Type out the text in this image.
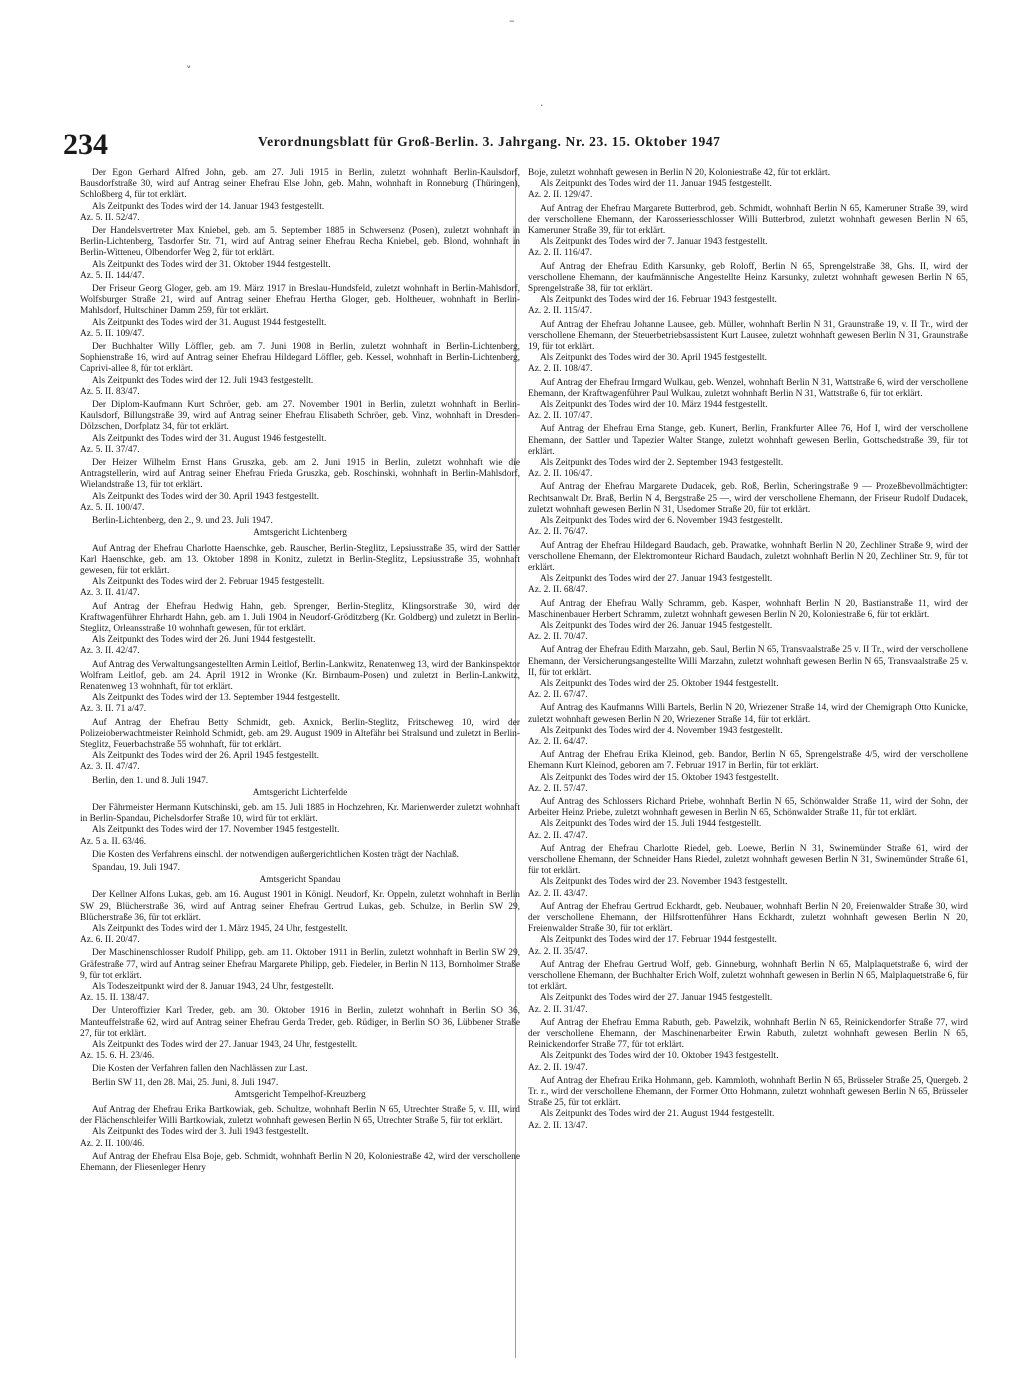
–
˅
.
234	Verordnungsblatt für Groß-Berlin. 3. Jahrgang. Nr. 23. 15. Oktober 1947
Der Egon Gerhard Alfred John, geb. am 27. Juli 1915 in Berlin, zuletzt wohnhaft Berlin-Kaulsdorf, Bausdorfstraße 30, wird auf Antrag seiner Ehefrau Else John, geb. Mahn, wohnhaft in Ronneburg (Thüringen), Schloßberg 4, für tot erklärt.
Als Zeitpunkt des Todes wird der 14. Januar 1943 festgestellt.
Az. 5. II. 52/47.
Der Handelsvertreter Max Kniebel, geb. am 5. September 1885 in Schwersenz (Posen), zuletzt wohnhaft in Berlin-Lichtenberg, Tasdorfer Str. 71, wird auf Antrag seiner Ehefrau Recha Kniebel, geb. Blond, wohnhaft in Berlin-Witteneu, Olbendorfer Weg 2, für tot erklärt.
Als Zeitpunkt des Todes wird der 31. Oktober 1944 festgestellt.
Az. 5. II. 144/47.
Der Friseur Georg Gloger, geb. am 19. März 1917 in Breslau-Hundsfeld, zuletzt wohnhaft in Berlin-Mahlsdorf, Wolfsburger Straße 21, wird auf Antrag seiner Ehefrau Hertha Gloger, geb. Holtheuer, wohnhaft in Berlin-Mahlsdorf, Hultschiner Damm 259, für tot erklärt.
Als Zeitpunkt des Todes wird der 31. August 1944 festgestellt.
Az. 5. II. 109/47.
Der Buchhalter Willy Löffler, geb. am 7. Juni 1908 in Berlin, zuletzt wohnhaft in Berlin-Lichtenberg, Sophienstraße 16, wird auf Antrag seiner Ehefrau Hildegard Löffler, geb. Kessel, wohnhaft in Berlin-Lichtenberg, Caprivi-allee 8, für tot erklärt.
Als Zeitpunkt des Todes wird der 12. Juli 1943 festgestellt.
Az. 5. II. 83/47.
Der Diplom-Kaufmann Kurt Schröer, geb. am 27. November 1901 in Berlin, zuletzt wohnhaft in Berlin-Kaulsdorf, Billungstraße 39, wird auf Antrag seiner Ehefrau Elisabeth Schröer, geb. Vinz, wohnhaft in Dresden-Dölzschen, Dorfplatz 34, für tot erklärt.
Als Zeitpunkt des Todes wird der 31. August 1946 festgestellt.
Az. 5. II. 37/47.
Der Heizer Wilhelm Ernst Hans Gruszka, geb. am 2. Juni 1915 in Berlin, zuletzt wohnhaft wie die Antragstellerin, wird auf Antrag seiner Ehefrau Frieda Gruszka, geb. Roschinski, wohnhaft in Berlin-Mahlsdorf, Wielandstraße 13, für tot erklärt.
Als Zeitpunkt des Todes wird der 30. April 1943 festgestellt.
Az. 5. II. 100/47.
Berlin-Lichtenberg, den 2., 9. und 23. Juli 1947.
Amtsgericht Lichtenberg
Auf Antrag der Ehefrau Charlotte Haenschke, geb. Rauscher, Berlin-Steglitz, Lepsiusstraße 35, wird der Sattler Karl Haenschke, geb. am 13. Oktober 1898 in Konitz, zuletzt in Berlin-Steglitz, Lepsiusstraße 35, wohnhaft gewesen, für tot erklärt.
Als Zeitpunkt des Todes wird der 2. Februar 1945 festgestellt.
Az. 3. II. 41/47.
Auf Antrag der Ehefrau Hedwig Hahn, geb. Sprenger, Berlin-Steglitz, Klingsorstraße 30, wird der Kraftwagenführer Ehrhardt Hahn, geb. am 1. Juli 1904 in Neudorf-Gröditzberg (Kr. Goldberg) und zuletzt in Berlin-Steglitz, Orleansstraße 10 wohnhaft gewesen, für tot erklärt.
Als Zeitpunkt des Todes wird der 26. Juni 1944 festgestellt.
Az. 3. II. 42/47.
Auf Antrag des Verwaltungsangestellten Armin Leitlof, Berlin-Lankwitz, Renatenweg 13, wird der Bankinspektor Wolfram Leitlof, geb. am 24. April 1912 in Wronke (Kr. Birnbaum-Posen) und zuletzt in Berlin-Lankwitz, Renatenweg 13 wohnhaft, für tot erklärt.
Als Zeitpunkt des Todes wird der 13. September 1944 festgestellt.
Az. 3. II. 71 a/47.
Auf Antrag der Ehefrau Betty Schmidt, geb. Axnick, Berlin-Steglitz, Fritscheweg 10, wird der Polizeioberwachtmeister Reinhold Schmidt, geb. am 29. August 1909 in Altefähr bei Stralsund und zuletzt in Berlin-Steglitz, Feuerbachstraße 55 wohnhaft, für tot erklärt.
Als Zeitpunkt des Todes wird der 26. April 1945 festgestellt.
Az. 3. II. 47/47.
Berlin, den 1. und 8. Juli 1947.
Amtsgericht Lichterfelde
Der Fährmeister Hermann Kutschinski, geb. am 15. Juli 1885 in Hochzehren, Kr. Marienwerder zuletzt wohnhaft in Berlin-Spandau, Pichelsdorfer Straße 10, wird für tot erklärt.
Als Zeitpunkt des Todes wird der 17. November 1945 festgestellt.
Az. 5 a. II. 63/46.
Die Kosten des Verfahrens einschl. der notwendigen außergerichtlichen Kosten trägt der Nachlaß.
Spandau, 19. Juli 1947.
Amtsgericht Spandau
Der Kellner Alfons Lukas, geb. am 16. August 1901 in Königl. Neudorf, Kr. Oppeln, zuletzt wohnhaft in Berlin SW 29, Blücherstraße 36, wird auf Antrag seiner Ehefrau Gertrud Lukas, geb. Schulze, in Berlin SW 29, Blücherstraße 36, für tot erklärt.
Als Zeitpunkt des Todes wird der 1. März 1945, 24 Uhr, festgestellt.
Az. 6. II. 20/47.
Der Maschinenschlosser Rudolf Philipp, geb. am 11. Oktober 1911 in Berlin, zuletzt wohnhaft in Berlin SW 29, Gräfestraße 77, wird auf Antrag seiner Ehefrau Margarete Philipp, geb. Fiedeler, in Berlin N 113, Bornholmer Straße 9, für tot erklärt.
Als Todeszeitpunkt wird der 8. Januar 1943, 24 Uhr, festgestellt.
Az. 15. II. 138/47.
Der Unteroffizier Karl Treder, geb. am 30. Oktober 1916 in Berlin, zuletzt wohnhaft in Berlin SO 36, Manteuffelstraße 62, wird auf Antrag seiner Ehefrau Gerda Treder, geb. Rüdiger, in Berlin SO 36, Lübbener Straße 27, für tot erklärt.
Als Zeitpunkt des Todes wird der 27. Januar 1943, 24 Uhr, festgestellt.
Az. 15. 6. H. 23/46.
Die Kosten der Verfahren fallen den Nachlässen zur Last.
Berlin SW 11, den 28. Mai, 25. Juni, 8. Juli 1947.
Amtsgericht Tempelhof-Kreuzberg
Auf Antrag der Ehefrau Erika Bartkowiak, geb. Schultze, wohnhaft Berlin N 65, Utrechter Straße 5, v. III, wird der Flächenschleifer Willi Bartkowiak, zuletzt wohnhaft gewesen Berlin N 65, Utrechter Straße 5, für tot erklärt.
Als Zeitpunkt des Todes wird der 3. Juli 1943 festgestellt.
Az. 2. II. 100/46.
Auf Antrag der Ehefrau Elsa Boje, geb. Schmidt, wohnhaft Berlin N 20, Koloniestraße 42, wird der verschollene Ehemann, der Fliesenleger Henry
Boje, zuletzt wohnhaft gewesen in Berlin N 20, Koloniestraße 42, für tot erklärt.
Als Zeitpunkt des Todes wird der 11. Januar 1945 festgestellt.
Az. 2. II. 129/47.
Auf Antrag der Ehefrau Margarete Butterbrod, geb. Schmidt, wohnhaft Berlin N 65, Kameruner Straße 39, wird der verschollene Ehemann, der Karosseriesschlosser Willi Butterbrod, zuletzt wohnhaft gewesen Berlin N 65, Kameruner Straße 39, für tot erklärt.
Als Zeitpunkt des Todes wird der 7. Januar 1943 festgestellt.
Az. 2. II. 116/47.
Auf Antrag der Ehefrau Edith Karsunky, geb Roloff, Berlin N 65, Sprengelstraße 38, Ghs. II, wird der verschollene Ehemann, der kaufmännische Angestellte Heinz Karsunky, zuletzt wohnhaft gewesen Berlin N 65, Sprengelstraße 38, für tot erklärt.
Als Zeitpunkt des Todes wird der 16. Februar 1943 festgestellt.
Az. 2. II. 115/47.
Auf Antrag der Ehefrau Johanne Lausee, geb. Müller, wohnhaft Berlin N 31, Graunstraße 19, v. II Tr., wird der verschollene Ehemann, der Steuerbetriebsassistent Kurt Lausee, zuletzt wohnhaft gewesen Berlin N 31, Graunstraße 19, für tot erklärt.
Als Zeitpunkt des Todes wird der 30. April 1945 festgestellt.
Az. 2. II. 108/47.
Auf Antrag der Ehefrau Irmgard Wulkau, geb. Wenzel, wohnhaft Berlin N 31, Wattstraße 6, wird der verschollene Ehemann, der Kraftwagenführer Paul Wulkau, zuletzt wohnhaft Berlin N 31, Wattstraße 6, für tot erklärt.
Als Zeitpunkt des Todes wird der 10. März 1944 festgestellt.
Az. 2. II. 107/47.
Auf Antrag der Ehefrau Erna Stange, geb. Kunert, Berlin, Frankfurter Allee 76, Hof I, wird der verschollene Ehemann, der Sattler und Tapezier Walter Stange, zuletzt wohnhaft gewesen Berlin, Gottschedstraße 39, für tot erklärt.
Als Zeitpunkt des Todes wird der 2. September 1943 festgestellt.
Az. 2. II. 106/47.
Auf Antrag der Ehefrau Margarete Dudacek, geb. Roß, Berlin, Scheringstraße 9 — Prozeßbevollmächtigter: Rechtsanwalt Dr. Braß, Berlin N 4, Bergstraße 25 —, wird der verschollene Ehemann, der Friseur Rudolf Dudacek, zuletzt wohnhaft gewesen Berlin N 31, Usedomer Straße 20, für tot erklärt.
Als Zeitpunkt des Todes wird der 6. November 1943 festgestellt.
Az. 2. II. 76/47.
Auf Antrag der Ehefrau Hildegard Baudach, geb. Prawatke, wohnhaft Berlin N 20, Zechliner Straße 9, wird der verschollene Ehemann, der Elektromonteur Richard Baudach, zuletzt wohnhaft Berlin N 20, Zechliner Str. 9, für tot erklärt.
Als Zeitpunkt des Todes wird der 27. Januar 1943 festgestellt.
Az. 2. II. 68/47.
Auf Antrag der Ehefrau Wally Schramm, geb. Kasper, wohnhaft Berlin N 20, Bastianstraße 11, wird der Maschinenbauer Herbert Schramm, zuletzt wohnhaft gewesen Berlin N 20, Koloniestraße 6, für tot erklärt.
Als Zeitpunkt des Todes wird der 26. Januar 1945 festgestellt.
Az. 2. II. 70/47.
Auf Antrag der Ehefrau Edith Marzahn, geb. Saul, Berlin N 65, Transvaalstraße 25 v. II Tr., wird der verschollene Ehemann, der Versicherungsangestellte Willi Marzahn, zuletzt wohnhaft gewesen Berlin N 65, Transvaalstraße 25 v. II, für tot erklärt.
Als Zeitpunkt des Todes wird der 25. Oktober 1944 festgestellt.
Az. 2. II. 67/47.
Auf Antrag des Kaufmanns Willi Bartels, Berlin N 20, Wriezener Straße 14, wird der Chemigraph Otto Kunicke, zuletzt wohnhaft gewesen Berlin N 20, Wriezener Straße 14, für tot erklärt.
Als Zeitpunkt des Todes wird der 4. November 1943 festgestellt.
Az. 2. II. 64/47.
Auf Antrag der Ehefrau Erika Kleinod, geb. Bandor, Berlin N 65, Sprengelstraße 4/5, wird der verschollene Ehemann Kurt Kleinod, geboren am 7. Februar 1917 in Berlin, für tot erklärt.
Als Zeitpunkt des Todes wird der 15. Oktober 1943 festgestellt.
Az. 2. II. 57/47.
Auf Antrag des Schlossers Richard Priebe, wohnhaft Berlin N 65, Schönwalder Straße 11, wird der Sohn, der Arbeiter Heinz Priebe, zuletzt wohnhaft gewesen in Berlin N 65, Schönwalder Straße 11, für tot erklärt.
Als Zeitpunkt des Todes wird der 15. Juli 1944 festgestellt.
Az. 2. II. 47/47.
Auf Antrag der Ehefrau Charlotte Riedel, geb. Loewe, Berlin N 31, Swinemünder Straße 61, wird der verschollene Ehemann, der Schneider Hans Riedel, zuletzt wohnhaft gewesen Berlin N 31, Swinemünder Straße 61, für tot erklärt.
Als Zeitpunkt des Todes wird der 23. November 1943 festgestellt.
Az. 2. II. 43/47.
Auf Antrag der Ehefrau Gertrud Eckhardt, geb. Neubauer, wohnhaft Berlin N 20, Freienwalder Straße 30, wird der verschollene Ehemann, der Hilfsrottenführer Hans Eckhardt, zuletzt wohnhaft gewesen Berlin N 20, Freienwalder Straße 30, für tot erklärt.
Als Zeitpunkt des Todes wird der 17. Februar 1944 festgestellt.
Az. 2. II. 35/47.
Auf Antrag der Ehefrau Gertrud Wolf, geb. Ginneburg, wohnhaft Berlin N 65, Malplaquetstraße 6, wird der verschollene Ehemann, der Buchhalter Erich Wolf, zuletzt wohnhaft gewesen in Berlin N 65, Malplaquetstraße 6, für tot erklärt.
Als Zeitpunkt des Todes wird der 27. Januar 1945 festgestellt.
Az. 2. II. 31/47.
Auf Antrag der Ehefrau Emma Rabuth, geb. Pawelzik, wohnhaft Berlin N 65, Reinickendorfer Straße 77, wird der verschollene Ehemann, der Maschinenarbeiter Erwin Rabuth, zuletzt wohnhaft gewesen Berlin N 65, Reinickendorfer Straße 77, für tot erklärt.
Als Zeitpunkt des Todes wird der 10. Oktober 1943 festgestellt.
Az. 2. II. 19/47.
Auf Antrag der Ehefrau Erika Hohmann, geb. Kammloth, wohnhaft Berlin N 65, Brüsseler Straße 25, Quergeb. 2 Tr. r., wird der verschollene Ehemann, der Former Otto Hohmann, zuletzt wohnhaft gewesen Berlin N 65, Brüsseler Straße 25, für tot erklärt.
Als Zeitpunkt des Todes wird der 21. August 1944 festgestellt.
Az. 2. II. 13/47.
